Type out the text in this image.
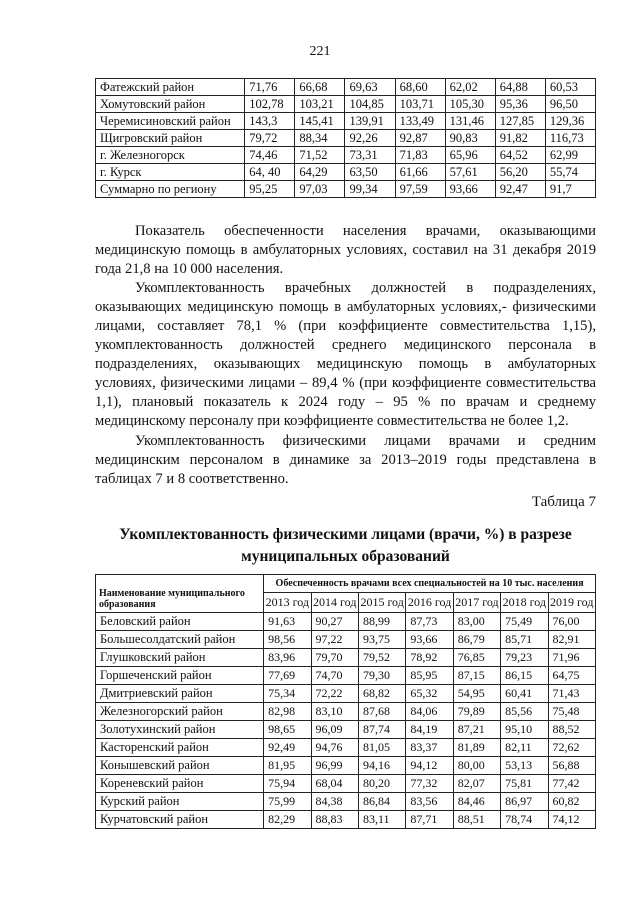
221
Фатежский район	71,76	66,68	69,63	68,60	62,02	64,88	60,53
Хомутовский район	102,78	103,21	104,85	103,71	105,30	95,36	96,50
Черемисиновский район	143,3	145,41	139,91	133,49	131,46	127,85	129,36
Щигровский район	79,72	88,34	92,26	92,87	90,83	91,82	116,73
г. Железногорск	74,46	71,52	73,31	71,83	65,96	64,52	62,99
г. Курск	64, 40	64,29	63,50	61,66	57,61	56,20	55,74
Суммарно по региону	95,25	97,03	99,34	97,59	93,66	92,47	91,7

Показатель обеспеченности населения врачами, оказывающими медицинскую помощь в амбулаторных условиях, составил на 31 декабря 2019 года 21,8 на 10 000 населения.

Укомплектованность врачебных должностей в подразделениях, оказывающих медицинскую помощь в амбулаторных условиях,- физическими лицами, составляет 78,1 % (при коэффициенте совместительства 1,15), укомплектованность должностей среднего медицинского персонала в подразделениях, оказывающих медицинскую помощь в амбулаторных условиях, физическими лицами – 89,4 % (при коэффициенте совместительства 1,1), плановый показатель к 2024 году – 95 % по врачам и среднему медицинскому персоналу при коэффициенте совместительства не более 1,2.

Укомплектованность физическими лицами врачами и средним медицинским персоналом в динамике за 2013–2019 годы представлена в таблицах 7 и 8 соответственно.

Таблица 7

Укомплектованность физическими лицами (врачи, %) в разрезе муниципальных образований

Наименование муниципального образования	Обеспеченность врачами всех специальностей на 10 тыс. населения						
	2013 год	2014 год	2015 год	2016 год	2017 год	2018 год	2019 год
Беловский район	91,63	90,27	88,99	87,73	83,00	75,49	76,00
Большесолдатский район	98,56	97,22	93,75	93,66	86,79	85,71	82,91
Глушковский район	83,96	79,70	79,52	78,92	76,85	79,23	71,96
Горшеченский район	77,69	74,70	79,30	85,95	87,15	86,15	64,75
Дмитриевский район	75,34	72,22	68,82	65,32	54,95	60,41	71,43
Железногорский район	82,98	83,10	87,68	84,06	79,89	85,56	75,48
Золотухинский район	98,65	96,09	87,74	84,19	87,21	95,10	88,52
Касторенский район	92,49	94,76	81,05	83,37	81,89	82,11	72,62
Конышевский район	81,95	96,99	94,16	94,12	80,00	53,13	56,88
Кореневский район	75,94	68,04	80,20	77,32	82,07	75,81	77,42
Курский район	75,99	84,38	86,84	83,56	84,46	86,97	60,82
Курчатовский район	82,29	88,83	83,11	87,71	88,51	78,74	74,12
